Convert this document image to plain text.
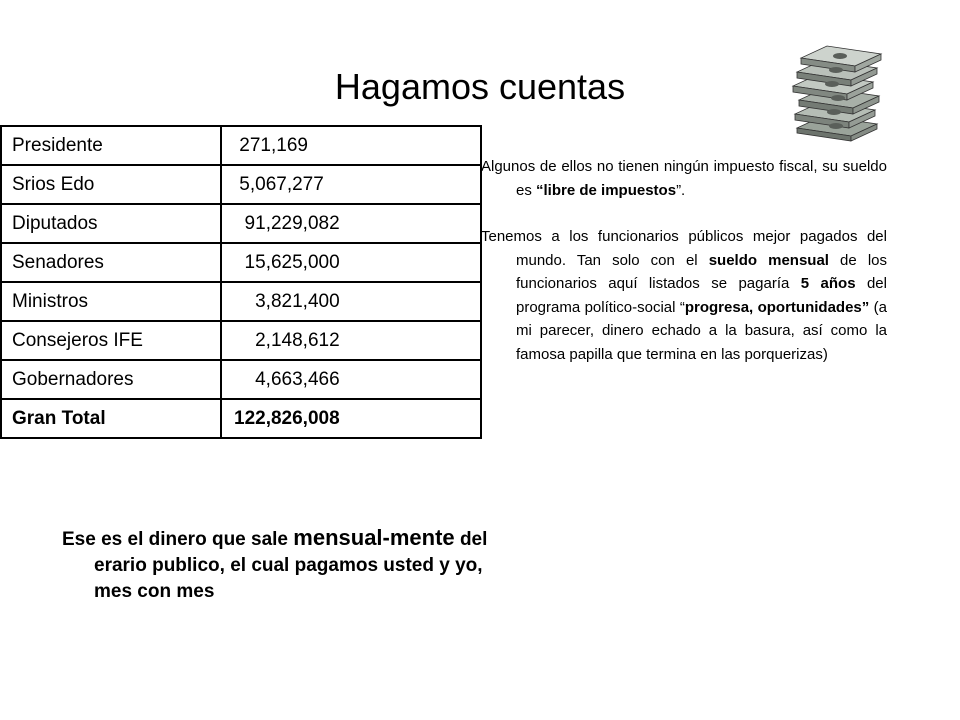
Hagamos cuentas
Presidente	271,169
Srios Edo	5,067,277
Diputados	91,229,082
Senadores	15,625,000
Ministros	3,821,400
Consejeros IFE	2,148,612
Gobernadores	4,663,466
Gran Total	122,826,008

Algunos de ellos no tienen ningún impuesto fiscal, su sueldo es “libre de impuestos”.

Tenemos a los funcionarios públicos mejor pagados del mundo. Tan solo con el sueldo mensual de los funcionarios aquí listados se pagaría 5 años del programa político-social “progresa, oportunidades” (a mi parecer, dinero echado a la basura, así como la famosa papilla que termina en las porquerizas)

Ese es el dinero que sale mensual-mente del erario publico, el cual pagamos usted y yo, mes con mes
